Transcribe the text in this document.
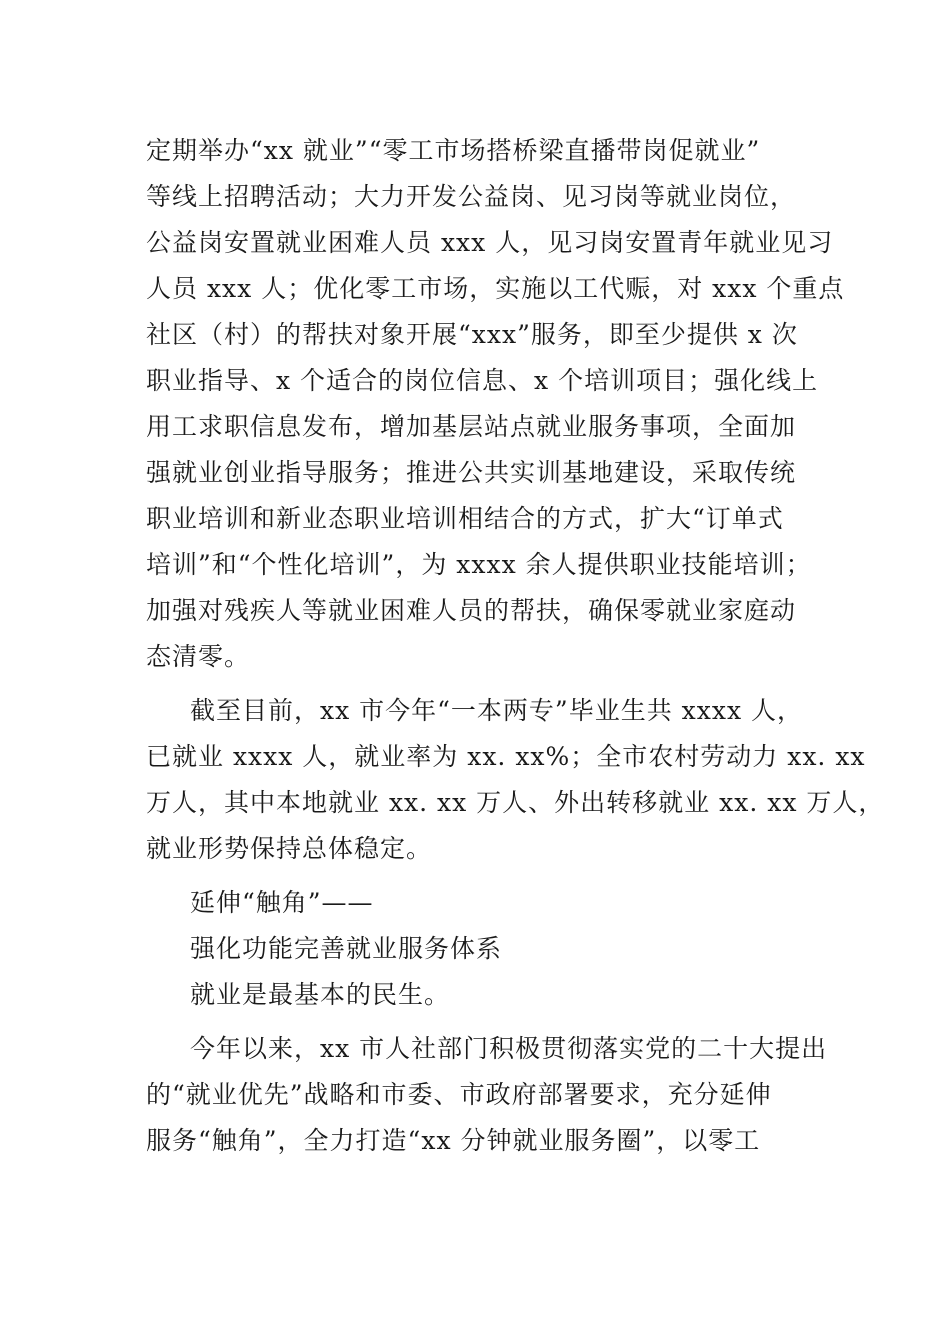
定期举办“xx 就业”“零工市场搭桥梁直播带岗促就业”
等线上招聘活动；大力开发公益岗、见习岗等就业岗位，
公益岗安置就业困难人员 xxx 人，见习岗安置青年就业见习
人员 xxx 人；优化零工市场，实施以工代赈，对 xxx 个重点
社区（村）的帮扶对象开展“xxx”服务，即至少提供 x 次
职业指导、x 个适合的岗位信息、x 个培训项目；强化线上
用工求职信息发布，增加基层站点就业服务事项，全面加
强就业创业指导服务；推进公共实训基地建设，采取传统
职业培训和新业态职业培训相结合的方式，扩大“订单式
培训”和“个性化培训”，为 xxxx 余人提供职业技能培训；
加强对残疾人等就业困难人员的帮扶，确保零就业家庭动
态清零。
截至目前，xx 市今年“一本两专”毕业生共 xxxx 人，
已就业 xxxx 人，就业率为 xx. xx%；全市农村劳动力 xx. xx
万人，其中本地就业 xx. xx 万人、外出转移就业 xx. xx 万人，
就业形势保持总体稳定。
延伸“触角”——
强化功能完善就业服务体系
就业是最基本的民生。
今年以来，xx 市人社部门积极贯彻落实党的二十大提出
的“就业优先”战略和市委、市政府部署要求，充分延伸
服务“触角”，全力打造“xx 分钟就业服务圈”，以零工
